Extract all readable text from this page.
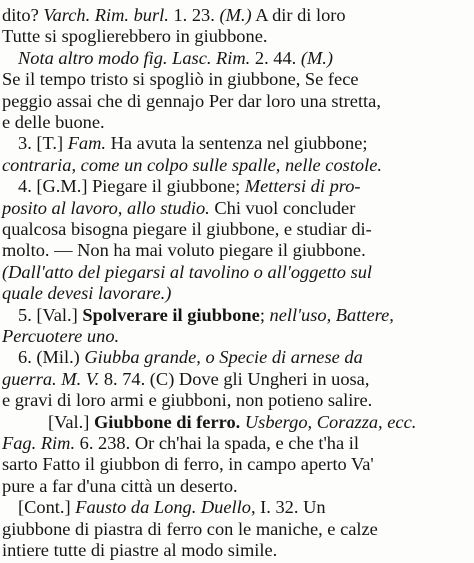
dito? Varch. Rim. burl. 1. 23. (M.) A dir di loro
Tutte si spoglierebbero in giubbone.
Nota altro modo fig. Lasc. Rim. 2. 44. (M.)
Se il tempo tristo si spogliò in giubbone, Se fece
peggio assai che di gennajo Per dar loro una stretta,
e delle buone.
3. [T.] Fam. Ha avuta la sentenza nel giubbone;
contraria, come un colpo sulle spalle, nelle costole.
4. [G.M.] Piegare il giubbone; Mettersi di pro-
posito al lavoro, allo studio. Chi vuol concluder
qualcosa bisogna piegare il giubbone, e studiar di-
molto. — Non ha mai voluto piegare il giubbone.
(Dall'atto del piegarsi al tavolino o all'oggetto sul
quale devesi lavorare.)
5. [Val.] Spolverare il giubbone; nell'uso, Battere,
Percuotere uno.
6. (Mil.) Giubba grande, o Specie di arnese da
guerra. M. V. 8. 74. (C) Dove gli Ungheri in uosa,
e gravi di loro armi e giubboni, non potieno salire.
[Val.] Giubbone di ferro. Usbergo, Corazza, ecc.
Fag. Rim. 6. 238. Or ch'hai la spada, e che t'ha il
sarto Fatto il giubbon di ferro, in campo aperto Va'
pure a far d'una città un deserto.
[Cont.] Fausto da Long. Duello, I. 32. Un
giubbone di piastra di ferro con le maniche, e calze
intiere tutte di piastre al modo simile.
